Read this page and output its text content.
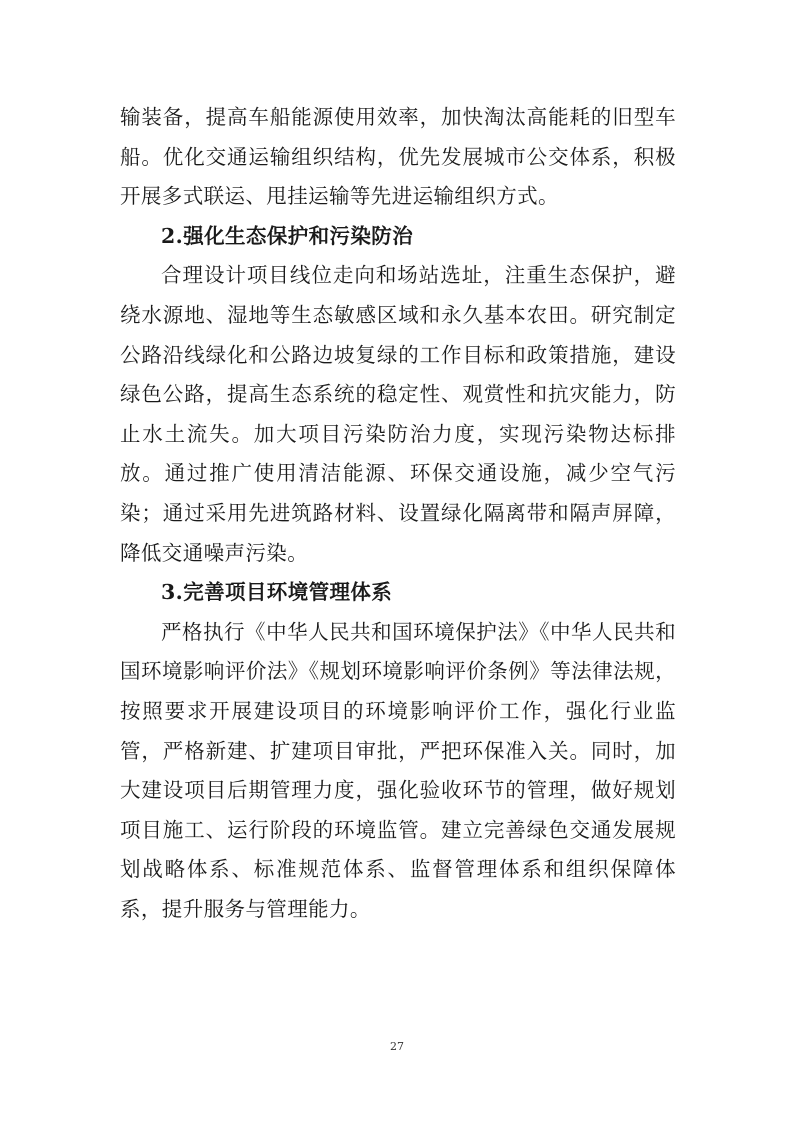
输装备，提高车船能源使用效率，加快淘汰高能耗的旧型车船。优化交通运输组织结构，优先发展城市公交体系，积极开展多式联运、甩挂运输等先进运输组织方式。

2.强化生态保护和污染防治

合理设计项目线位走向和场站选址，注重生态保护，避绕水源地、湿地等生态敏感区域和永久基本农田。研究制定公路沿线绿化和公路边坡复绿的工作目标和政策措施，建设绿色公路，提高生态系统的稳定性、观赏性和抗灾能力，防止水土流失。加大项目污染防治力度，实现污染物达标排放。通过推广使用清洁能源、环保交通设施，减少空气污染；通过采用先进筑路材料、设置绿化隔离带和隔声屏障，降低交通噪声污染。

3.完善项目环境管理体系

严格执行《中华人民共和国环境保护法》《中华人民共和国环境影响评价法》《规划环境影响评价条例》等法律法规，按照要求开展建设项目的环境影响评价工作，强化行业监管，严格新建、扩建项目审批，严把环保准入关。同时，加大建设项目后期管理力度，强化验收环节的管理，做好规划项目施工、运行阶段的环境监管。建立完善绿色交通发展规划战略体系、标准规范体系、监督管理体系和组织保障体系，提升服务与管理能力。

27
